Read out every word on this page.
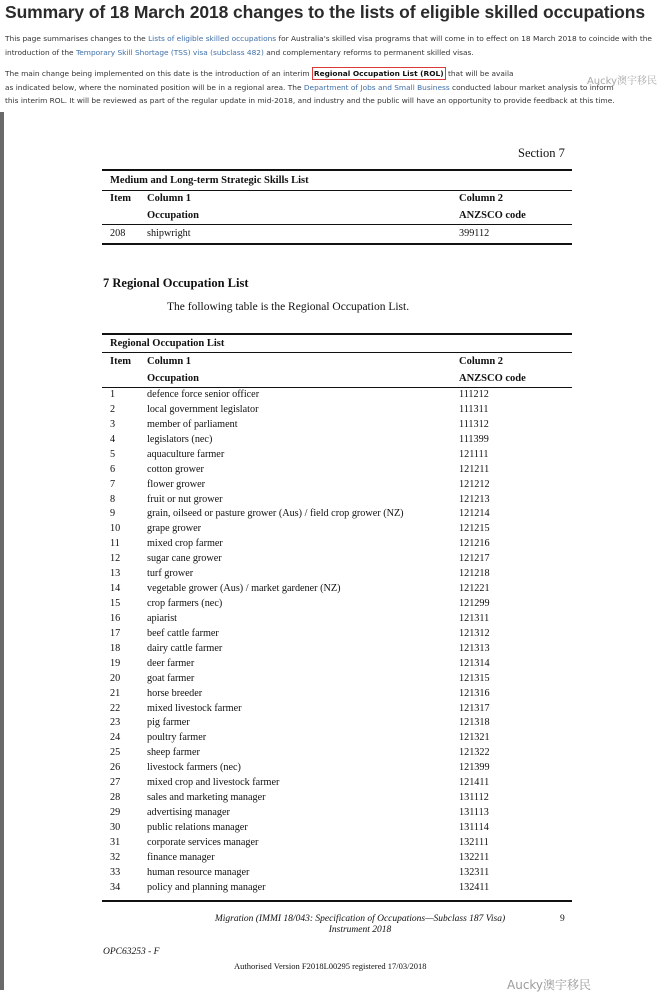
Summary of 18 March 2018 changes to the lists of eligible skilled occupations

This page summarises changes to the Lists of eligible skilled occupations for Australia's skilled visa programs that will come in to effect on 18 March 2018 to coincide with the

introduction of the Temporary Skill Shortage (TSS) visa (subclass 482) and complementary reforms to permanent skilled visas.

The main change being implemented on this date is the introduction of an interim Regional Occupation List (ROL) that will be availa

as indicated below, where the nominated position will be in a regional area. The Department of Jobs and Small Business conducted labour market analysis to inform

this interim ROL. It will be reviewed as part of the regular update in mid-2018, and industry and the public will have an opportunity to provide feedback at this time.

Aucky澳宇移民
Section 7
Medium and Long-term Strategic Skills List
Item Column 1	Column 2
Occupation	ANZSCO code
208 shipwright	399112
7 Regional Occupation List
The following table is the Regional Occupation List.
Regional Occupation List
Item Column 1	Column 2
Occupation	ANZSCO code
1	defence force senior officer	111212
2	local government legislator	111311
3	member of parliament	111312
4	legislators (nec)	111399
5	aquaculture farmer	121111
6	cotton grower	121211
7	flower grower	121212
8	fruit or nut grower	121213
9	grain, oilseed or pasture grower (Aus) / field crop grower (NZ)	121214
10	grape grower	121215
11	mixed crop farmer	121216
12	sugar cane grower	121217
13	turf grower	121218
14	vegetable grower (Aus) / market gardener (NZ)	121221
15	crop farmers (nec)	121299
16	apiarist	121311
17	beef cattle farmer	121312
18	dairy cattle farmer	121313
19	deer farmer	121314
20	goat farmer	121315
21	horse breeder	121316
22	mixed livestock farmer	121317
23	pig farmer	121318
24	poultry farmer	121321
25	sheep farmer	121322
26	livestock farmers (nec)	121399
27	mixed crop and livestock farmer	121411
28	sales and marketing manager	131112
29	advertising manager	131113
30	public relations manager	131114
31	corporate services manager	132111
32	finance manager	132211
33	human resource manager	132311
34	policy and planning manager	132411
Migration (IMMI 18/043: Specification of Occupations—Subclass 187 Visa)
Instrument 2018
9
OPC63253 - F
Authorised Version F2018L00295 registered 17/03/2018
Aucky澳宇移民
